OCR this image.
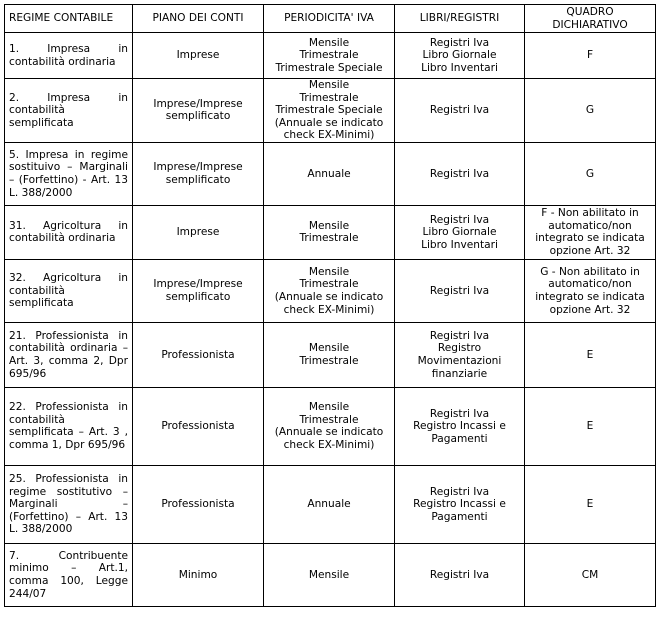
REGIME CONTABILE	PIANO DEI CONTI	PERIODICITA' IVA	LIBRI/REGISTRI	QUADRO
DICHIARATIVO

1. Impresa in contabilità ordinaria	Imprese	Mensile
Trimestrale
Trimestrale Speciale	Registri Iva
Libro Giornale
Libro Inventari	F

2. Impresa in contabilità semplificata	Imprese/Imprese semplificato	Mensile
Trimestrale
Trimestrale Speciale
(Annuale se indicato check EX-Minimi)	Registri Iva	G

5. Impresa in regime sostituivo – Marginali – (Forfettino) - Art. 13 L. 388/2000	Imprese/Imprese semplificato	Annuale	Registri Iva	G

31. Agricoltura in contabilità ordinaria	Imprese	Mensile
Trimestrale	Registri Iva
Libro Giornale
Libro Inventari	F - Non abilitato in automatico/non integrato se indicata opzione Art. 32

32. Agricoltura in contabilità semplificata	Imprese/Imprese semplificato	Mensile
Trimestrale
(Annuale se indicato check EX-Minimi)	Registri Iva	G - Non abilitato in automatico/non integrato se indicata opzione Art. 32

21. Professionista in contabilità ordinaria – Art. 3, comma 2, Dpr 695/96	Professionista	Mensile
Trimestrale	Registri Iva
Registro Movimentazioni finanziarie	E

22. Professionista in contabilità semplificata – Art. 3 , comma 1, Dpr 695/96	Professionista	Mensile
Trimestrale
(Annuale se indicato check EX-Minimi)	Registri Iva
Registro Incassi e Pagamenti	E

25. Professionista in regime sostitutivo – Marginali – (Forfettino) – Art. 13 L. 388/2000	Professionista	Annuale	Registri Iva
Registro Incassi e Pagamenti	E

7. Contribuente minimo – Art.1, comma 100, Legge 244/07	Minimo	Mensile	Registri Iva	CM
